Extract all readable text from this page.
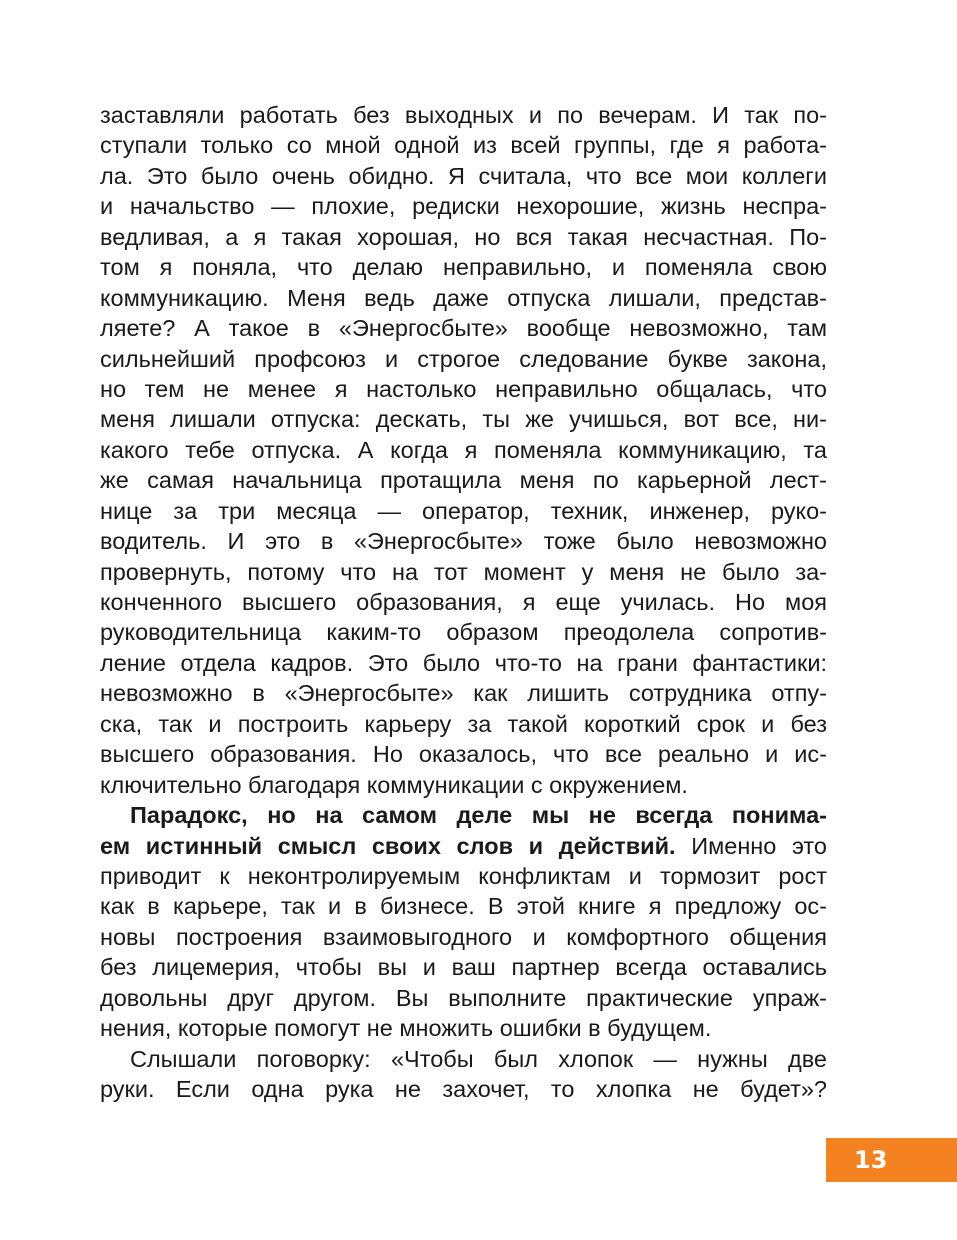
заставляли работать без выходных и по вечерам. И так по-
ступали только со мной одной из всей группы, где я работа-
ла. Это было очень обидно. Я считала, что все мои коллеги
и начальство — плохие, редиски нехорошие, жизнь неспра-
ведливая, а я такая хорошая, но вся такая несчастная. По-
том я поняла, что делаю неправильно, и поменяла свою
коммуникацию. Меня ведь даже отпуска лишали, представ-
ляете? А такое в «Энергосбыте» вообще невозможно, там
сильнейший профсоюз и строгое следование букве закона,
но тем не менее я настолько неправильно общалась, что
меня лишали отпуска: дескать, ты же учишься, вот все, ни-
какого тебе отпуска. А когда я поменяла коммуникацию, та
же самая начальница протащила меня по карьерной лест-
нице за три месяца — оператор, техник, инженер, руко-
водитель. И это в «Энергосбыте» тоже было невозможно
провернуть, потому что на тот момент у меня не было за-
конченного высшего образования, я еще училась. Но моя
руководительница каким-то образом преодолела сопротив-
ление отдела кадров. Это было что-то на грани фантастики:
невозможно в «Энергосбыте» как лишить сотрудника отпу-
ска, так и построить карьеру за такой короткий срок и без
высшего образования. Но оказалось, что все реально и ис-
ключительно благодаря коммуникации с окружением.
Парадокс, но на самом деле мы не всегда понима-
ем истинный смысл своих слов и действий. Именно это
приводит к неконтролируемым конфликтам и тормозит рост
как в карьере, так и в бизнесе. В этой книге я предложу ос-
новы построения взаимовыгодного и комфортного общения
без лицемерия, чтобы вы и ваш партнер всегда оставались
довольны друг другом. Вы выполните практические упраж-
нения, которые помогут не множить ошибки в будущем.
Слышали поговорку: «Чтобы был хлопок — нужны две
руки. Если одна рука не захочет, то хлопка не будет»?
13
